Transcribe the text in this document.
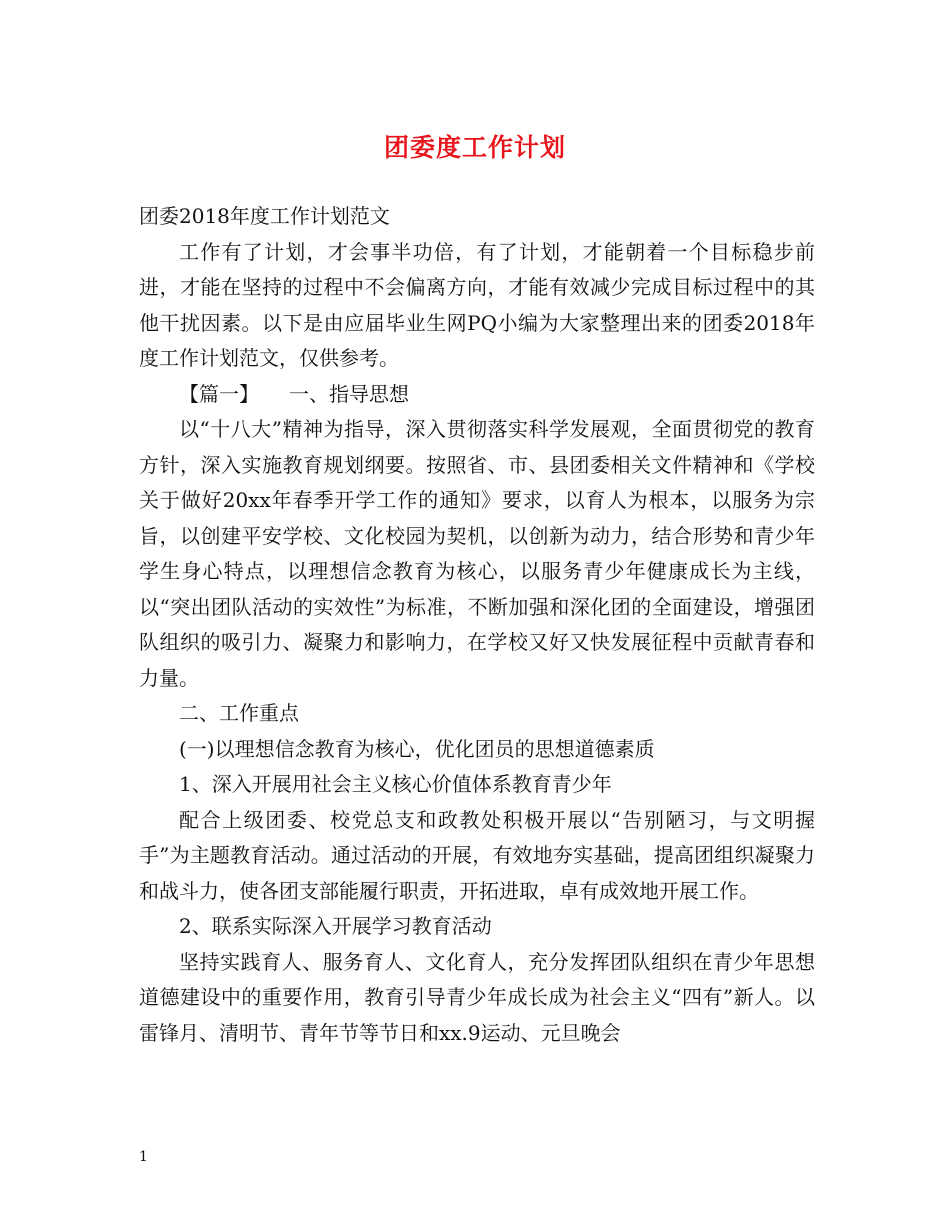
团委度工作计划

团委2018年度工作计划范文

工作有了计划，才会事半功倍，有了计划，才能朝着一个目标稳步前进，才能在坚持的过程中不会偏离方向，才能有效减少完成目标过程中的其他干扰因素。以下是由应届毕业生网PQ小编为大家整理出来的团委2018年度工作计划范文，仅供参考。

【篇一】　　一、指导思想

以“十八大”精神为指导，深入贯彻落实科学发展观，全面贯彻党的教育方针，深入实施教育规划纲要。按照省、市、县团委相关文件精神和《学校关于做好20xx年春季开学工作的通知》要求，以育人为根本，以服务为宗旨，以创建平安学校、文化校园为契机，以创新为动力，结合形势和青少年学生身心特点，以理想信念教育为核心，以服务青少年健康成长为主线，以“突出团队活动的实效性”为标准，不断加强和深化团的全面建设，增强团队组织的吸引力、凝聚力和影响力，在学校又好又快发展征程中贡献青春和力量。

二、工作重点

(一)以理想信念教育为核心，优化团员的思想道德素质

1、深入开展用社会主义核心价值体系教育青少年

配合上级团委、校党总支和政教处积极开展以“告别陋习，与文明握手”为主题教育活动。通过活动的开展，有效地夯实基础，提高团组织凝聚力和战斗力，使各团支部能履行职责，开拓进取，卓有成效地开展工作。

2、联系实际深入开展学习教育活动

坚持实践育人、服务育人、文化育人，充分发挥团队组织在青少年思想道德建设中的重要作用，教育引导青少年成长成为社会主义“四有”新人。以雷锋月、清明节、青年节等节日和xx.9运动、元旦晚会

1
